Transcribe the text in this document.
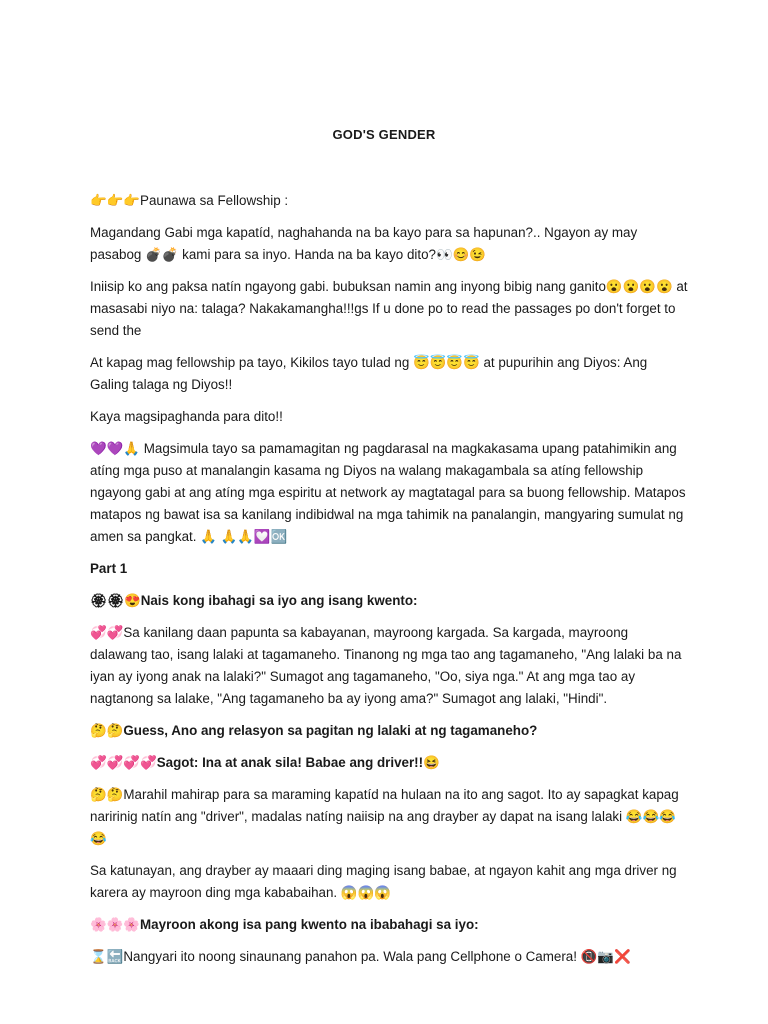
GOD'S GENDER

👉👉👉Paunawa sa Fellowship :

Magandang Gabi mga kapatíd, naghahanda na ba kayo para sa hapunan?.. Ngayon ay may pasabog 💣💣 kami para sa inyo. Handa na ba kayo dito?👀😊😉

Iniisip ko ang paksa natín ngayong gabi. bubuksan namin ang inyong bibig nang ganito😮😮😮😮 at masasabi niyo na: talaga? Nakakamangha!!!gs If u done po to read the passages po don't forget to send the

At kapag mag fellowship pa tayo, Kikilos tayo tulad ng 😇😇😇😇 at pupurihin ang Diyos: Ang Galing talaga ng Diyos!!

Kaya magsipaghanda para dito!!

💜💜🙏 Magsimula tayo sa pamamagitan ng pagdarasal na magkakasama upang patahimikin ang atíng mga puso at manalangin kasama ng Diyos na walang makagambala sa atíng fellowship ngayong gabi at ang atíng mga espiritu at network ay magtatagal para sa buong fellowship. Matapos matapos ng bawat isa sa kanilang indibidwal na mga tahimik na panalangin, mangyaring sumulat ng amen sa pangkat. 🙏 🙏🙏💟🆗

Part 1

🏵🏵😍Nais kong ibahagi sa iyo ang isang kwento:

💞💞Sa kanilang daan papunta sa kabayanan, mayroong kargada. Sa kargada, mayroong dalawang tao, isang lalaki at tagamaneho. Tinanong ng mga tao ang tagamaneho, "Ang lalaki ba na iyan ay iyong anak na lalaki?" Sumagot ang tagamaneho, "Oo, siya nga." At ang mga tao ay nagtanong sa lalake, "Ang tagamaneho ba ay iyong ama?" Sumagot ang lalaki, "Hindi".

🤔🤔Guess, Ano ang relasyon sa pagitan ng lalaki at ng tagamaneho?

💞💞💞💞Sagot: Ina at anak sila! Babae ang driver!!😆

🤔🤔Marahil mahirap para sa maraming kapatíd na hulaan na ito ang sagot. Ito ay sapagkat kapag naririnig natín ang "driver", madalas natíng naiisip na ang drayber ay dapat na isang lalaki 😂😂😂😂

Sa katunayan, ang drayber ay maaari ding maging isang babae, at ngayon kahit ang mga driver ng karera ay mayroon ding mga kababaihan. 😱😱😱

🌸🌸🌸Mayroon akong isa pang kwento na ibabahagi sa iyo:

⌛🔙Nangyari ito noong sinaunang panahon pa. Wala pang Cellphone o Camera! 📵📷❌
